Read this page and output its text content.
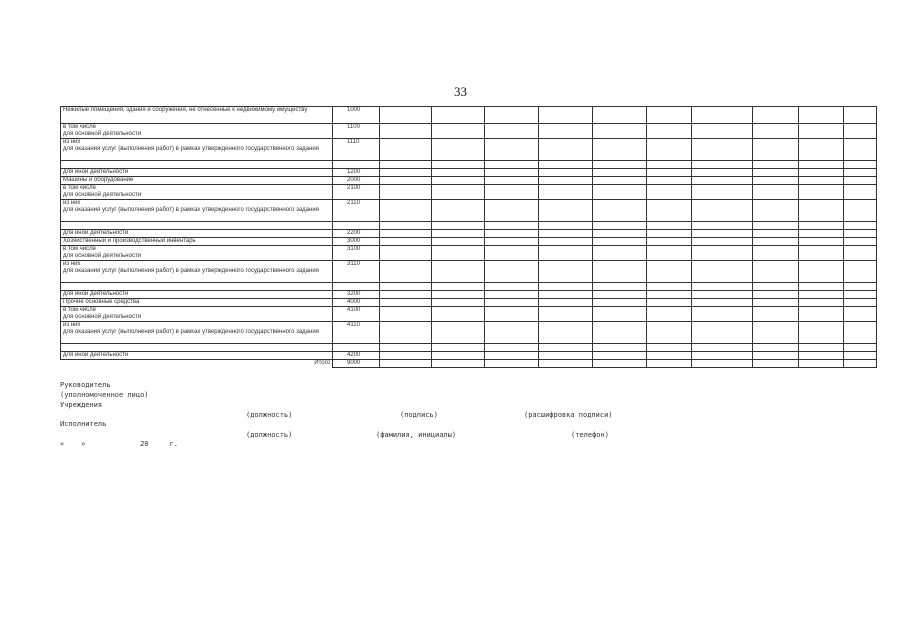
33
Нежилые помещения, здания и сооружения, не отнесенные к недвижимому имуществу	1000										
в том числе
для основной деятельности	1100										
из них
для оказания услуг (выполнения работ) в рамках утвержденного государственного задания	1110										

для иной деятельности	1200										
Машины и оборудование	2000										
в том числе
для основной деятельности	2100										
из них
для оказания услуг (выполнения работ) в рамках утвержденного государственного задания	2110										

для иной деятельности	2200										
Хозяйственный и производственный инвентарь	3000										
в том числе
для основной деятельности	3100										
из них
для оказания услуг (выполнения работ) в рамках утвержденного государственного задания	3110										

для иной деятельности	3200										
Прочие основные средства	4000										
в том числе
для основной деятельности	4100										
из них
для оказания услуг (выполнения работ) в рамках утвержденного государственного задания	4110										

для иной деятельности	4200										
Итого	9000										
Руководитель
(уполномоченное лицо)
Учреждения
(должность)	(подпись)	(расшифровка подписи)
Исполнитель
(должность)	(фамилия, инициалы)	(телефон)
«    »             20     г.
